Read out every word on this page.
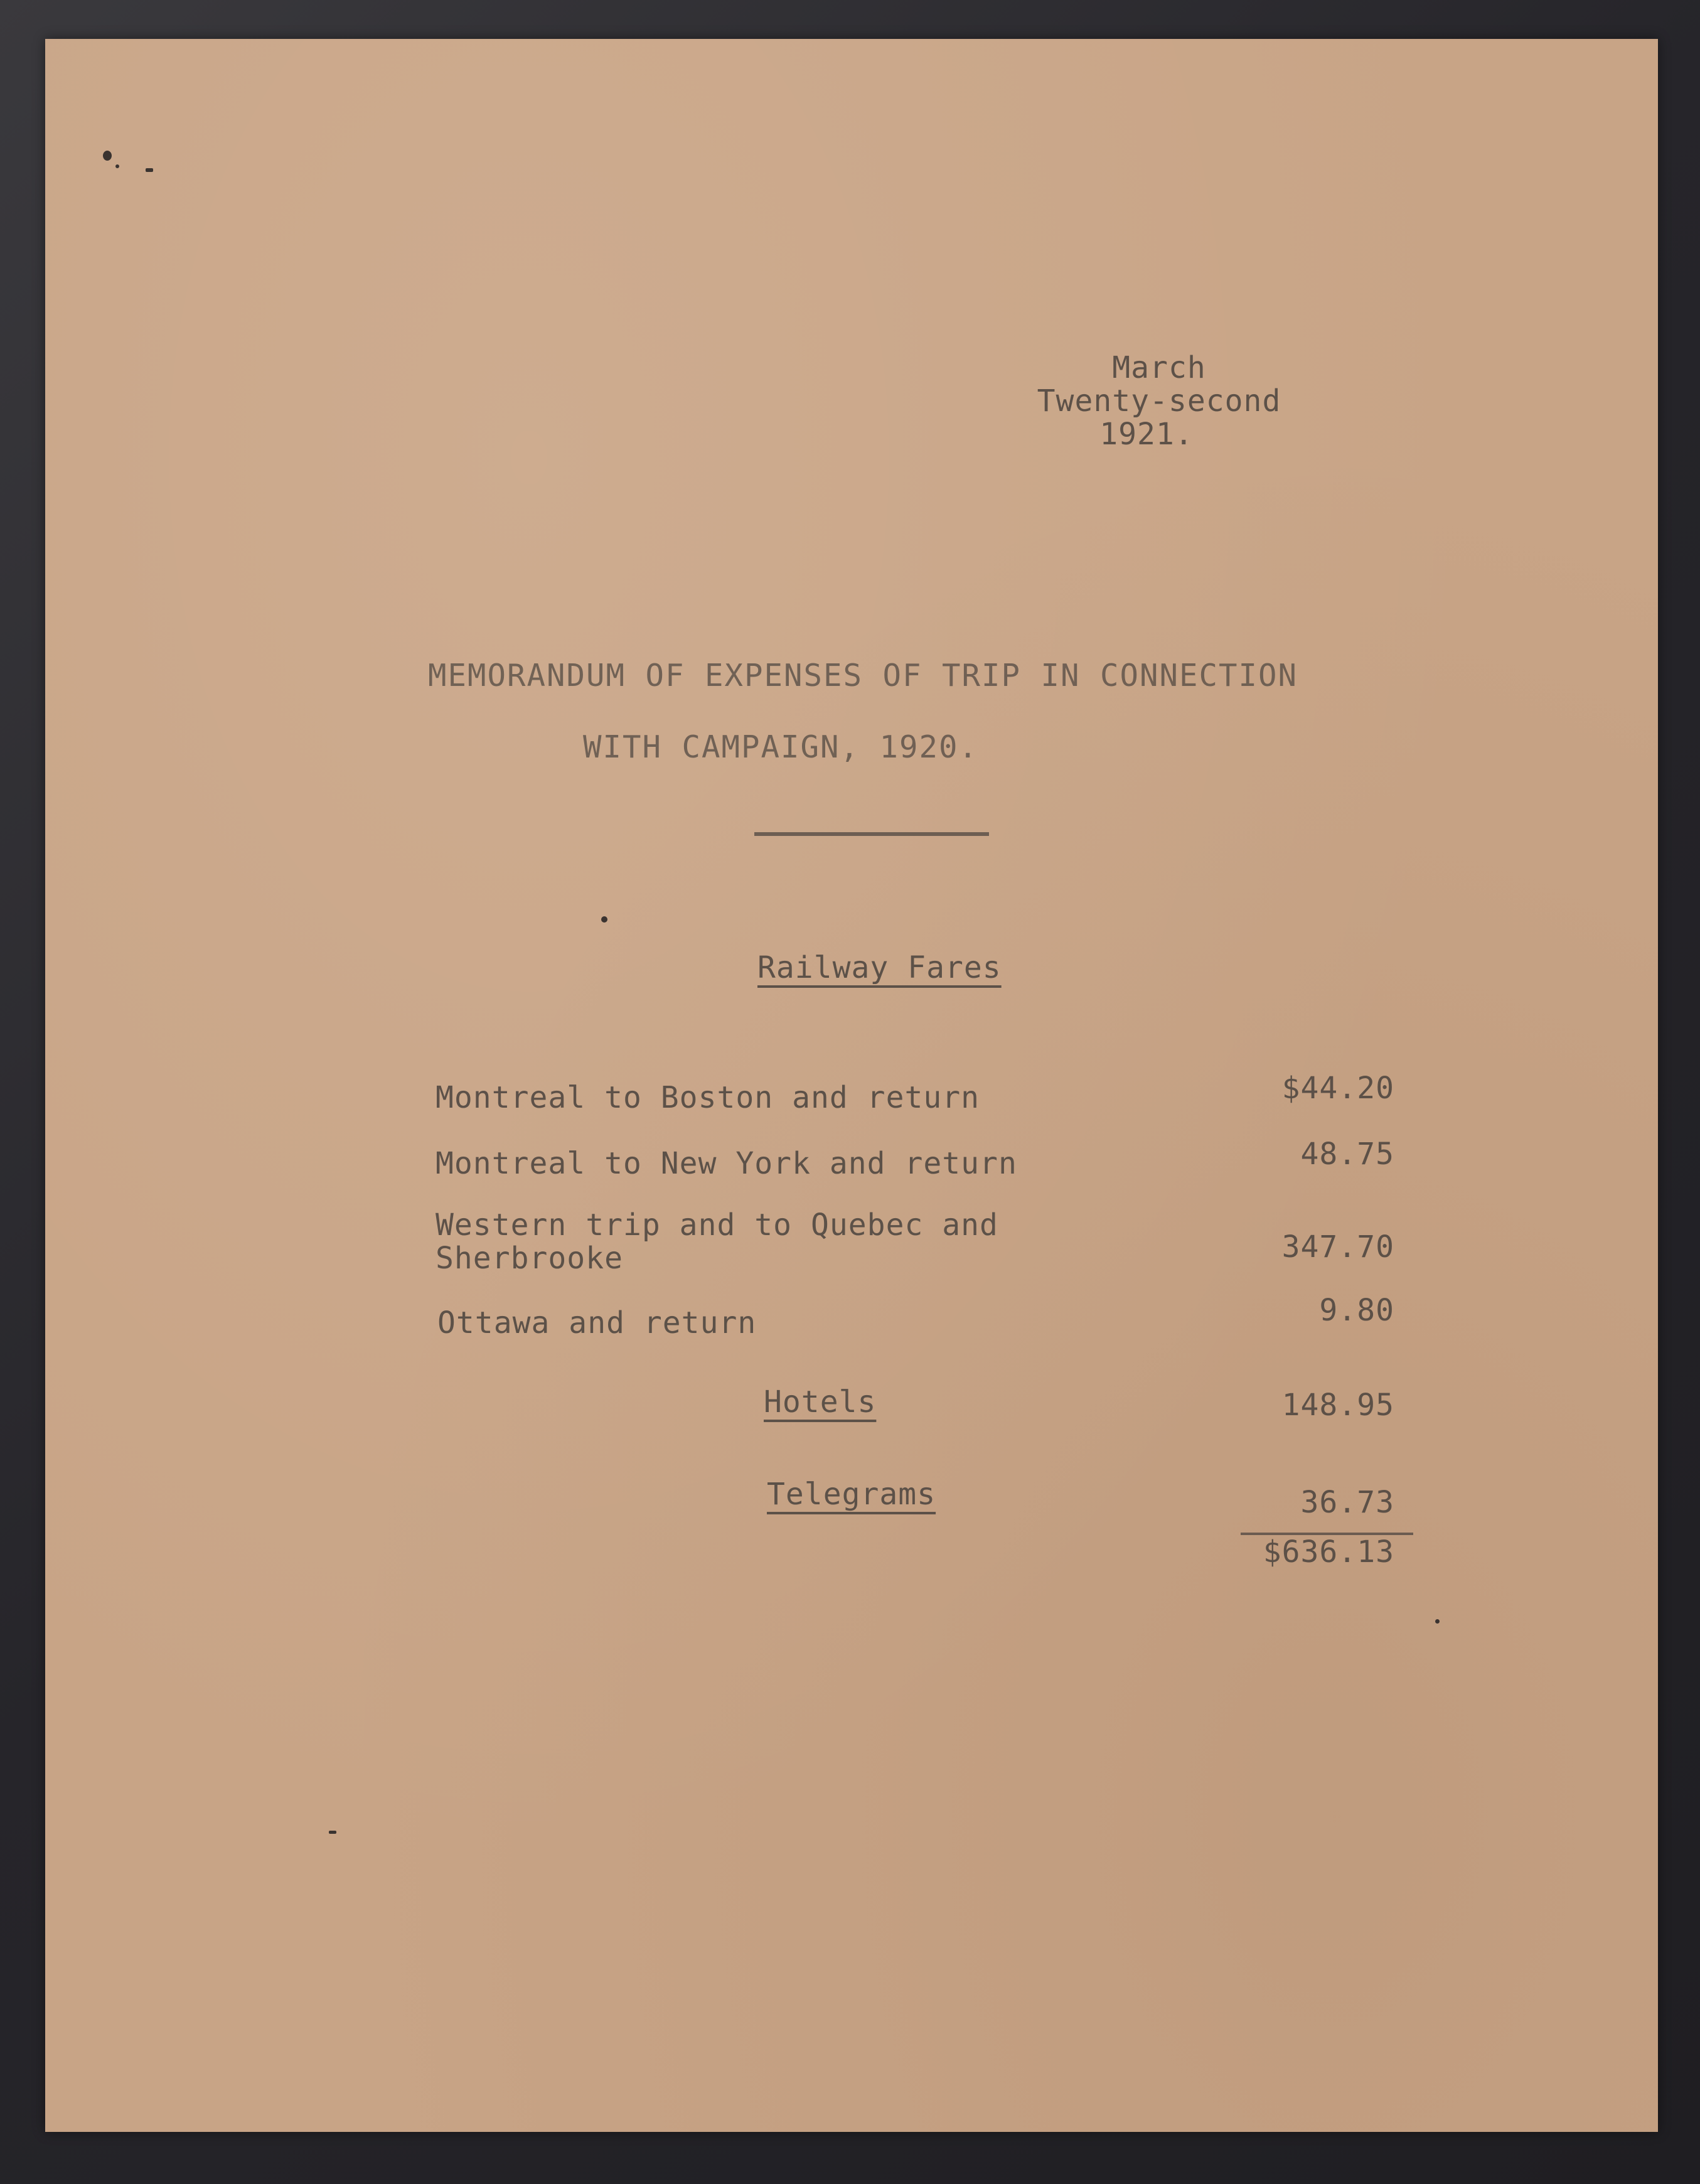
March
Twenty-second
1921.
MEMORANDUM OF EXPENSES OF TRIP IN CONNECTION
WITH CAMPAIGN, 1920.
Railway Fares
Montreal to Boston and return	$44.20
Montreal to New York and return	48.75
Western trip and to Quebec and
Sherbrooke	347.70
Ottawa and return	9.80
Hotels	148.95
Telegrams	36.73
$636.13
